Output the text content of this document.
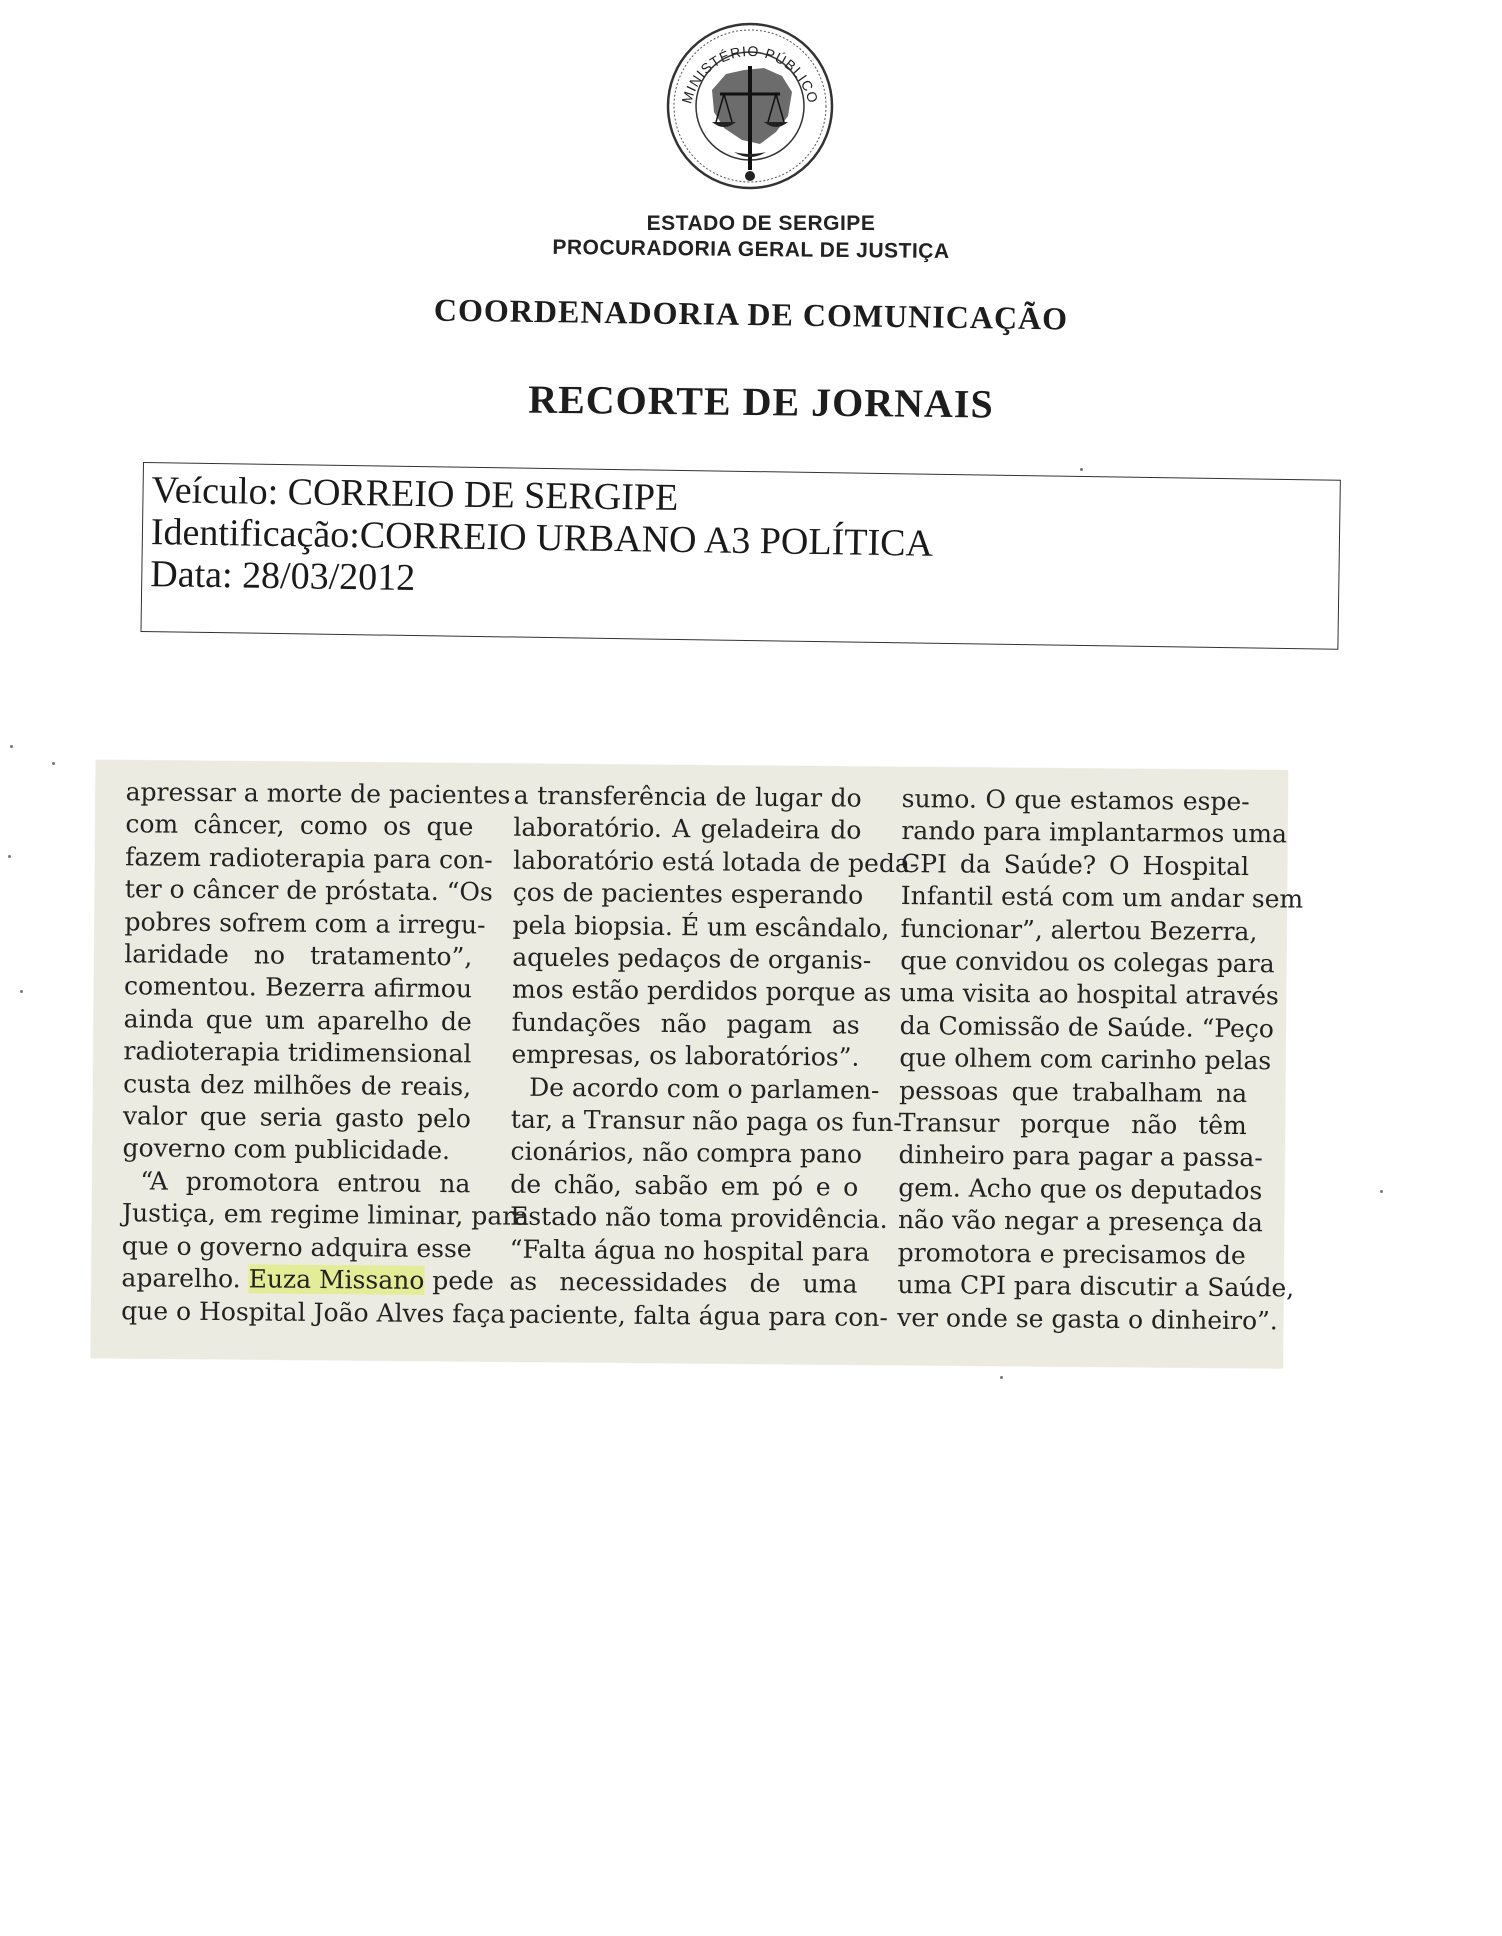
MINISTÉRIO PÚBLICO
ESTADO DE SERGIPE
PROCURADORIA GERAL DE JUSTIÇA
COORDENADORIA DE COMUNICAÇÃO
RECORTE DE JORNAIS
Veículo: CORREIO DE SERGIPE
Identificação:CORREIO URBANO A3 POLÍTICA
Data: 28/03/2012
apressar a morte de pacientes
com câncer, como os que
fazem radioterapia para con-
ter o câncer de próstata. “Os
pobres sofrem com a irregu-
laridade no tratamento”,
comentou. Bezerra afirmou
ainda que um aparelho de
radioterapia tridimensional
custa dez milhões de reais,
valor que seria gasto pelo
governo com publicidade.
“A promotora entrou na
Justiça, em regime liminar, para
que o governo adquira esse
aparelho. Euza Missano pede
que o Hospital João Alves faça
a transferência de lugar do
laboratório. A geladeira do
laboratório está lotada de peda-
ços de pacientes esperando
pela biopsia. É um escândalo,
aqueles pedaços de organis-
mos estão perdidos porque as
fundações não pagam as
empresas, os laboratórios”.
De acordo com o parlamen-
tar, a Transur não paga os fun-
cionários, não compra pano
de chão, sabão em pó e o
Estado não toma providência.
“Falta água no hospital para
as necessidades de uma
paciente, falta água para con-
sumo. O que estamos espe-
rando para implantarmos uma
CPI da Saúde? O Hospital
Infantil está com um andar sem
funcionar”, alertou Bezerra,
que convidou os colegas para
uma visita ao hospital através
da Comissão de Saúde. “Peço
que olhem com carinho pelas
pessoas que trabalham na
Transur porque não têm
dinheiro para pagar a passa-
gem. Acho que os deputados
não vão negar a presença da
promotora e precisamos de
uma CPI para discutir a Saúde,
ver onde se gasta o dinheiro”.
